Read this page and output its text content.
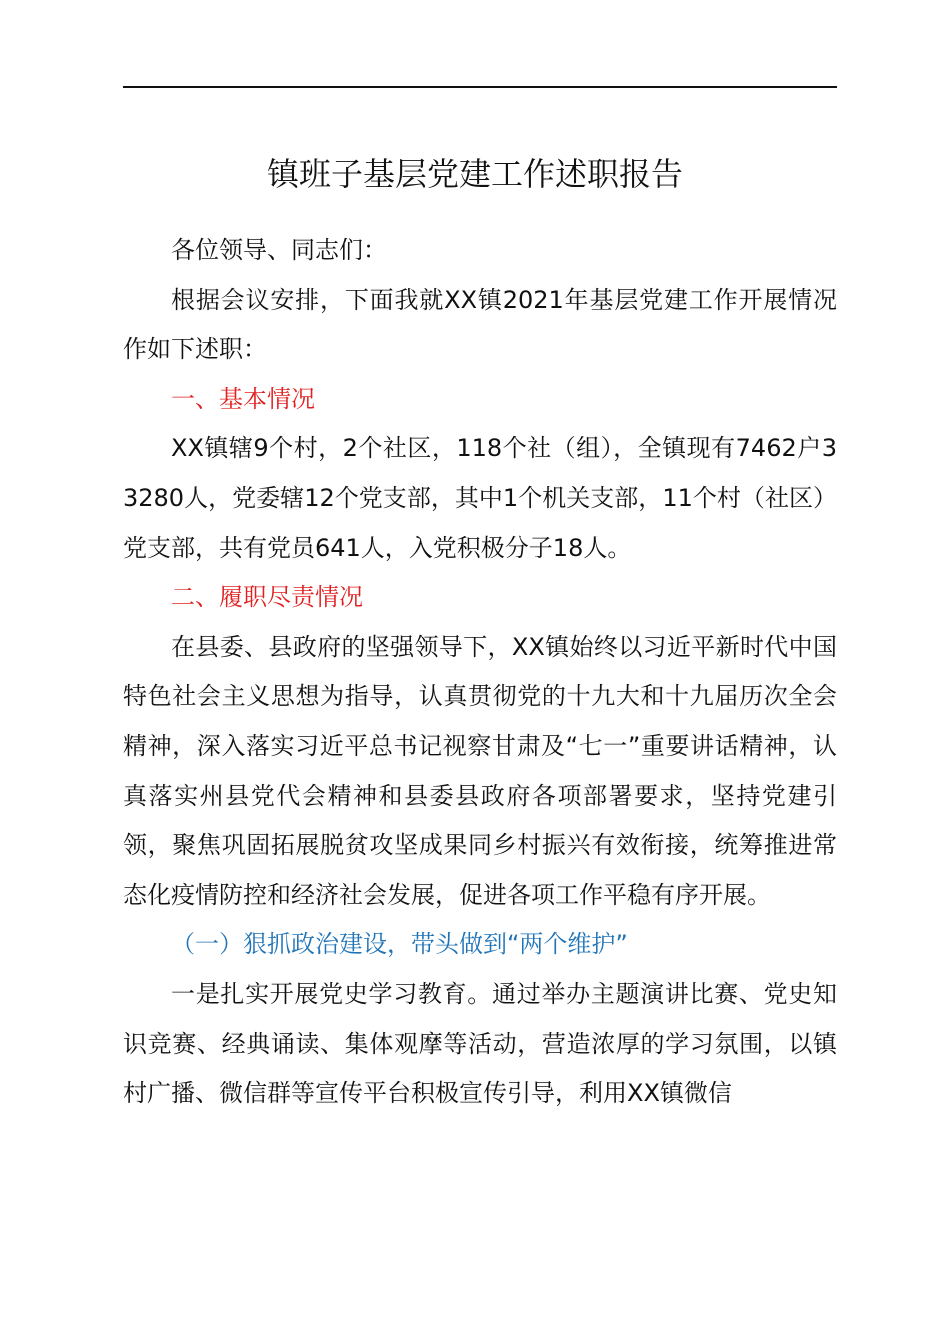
镇班子基层党建工作述职报告

各位领导、同志们：

根据会议安排，下面我就XX镇2021年基层党建工作开展情况作如下述职：

一、基本情况

XX镇辖9个村，2个社区，118个社（组），全镇现有7462户33280人，党委辖12个党支部，其中1个机关支部，11个村（社区）党支部，共有党员641人，入党积极分子18人。

二、履职尽责情况

在县委、县政府的坚强领导下，XX镇始终以习近平新时代中国特色社会主义思想为指导，认真贯彻党的十九大和十九届历次全会精神，深入落实习近平总书记视察甘肃及“七一”重要讲话精神，认真落实州县党代会精神和县委县政府各项部署要求，坚持党建引领，聚焦巩固拓展脱贫攻坚成果同乡村振兴有效衔接，统筹推进常态化疫情防控和经济社会发展，促进各项工作平稳有序开展。

（一）狠抓政治建设，带头做到“两个维护”

一是扎实开展党史学习教育。通过举办主题演讲比赛、党史知识竞赛、经典诵读、集体观摩等活动，营造浓厚的学习氛围，以镇村广播、微信群等宣传平台积极宣传引导，利用XX镇微信
